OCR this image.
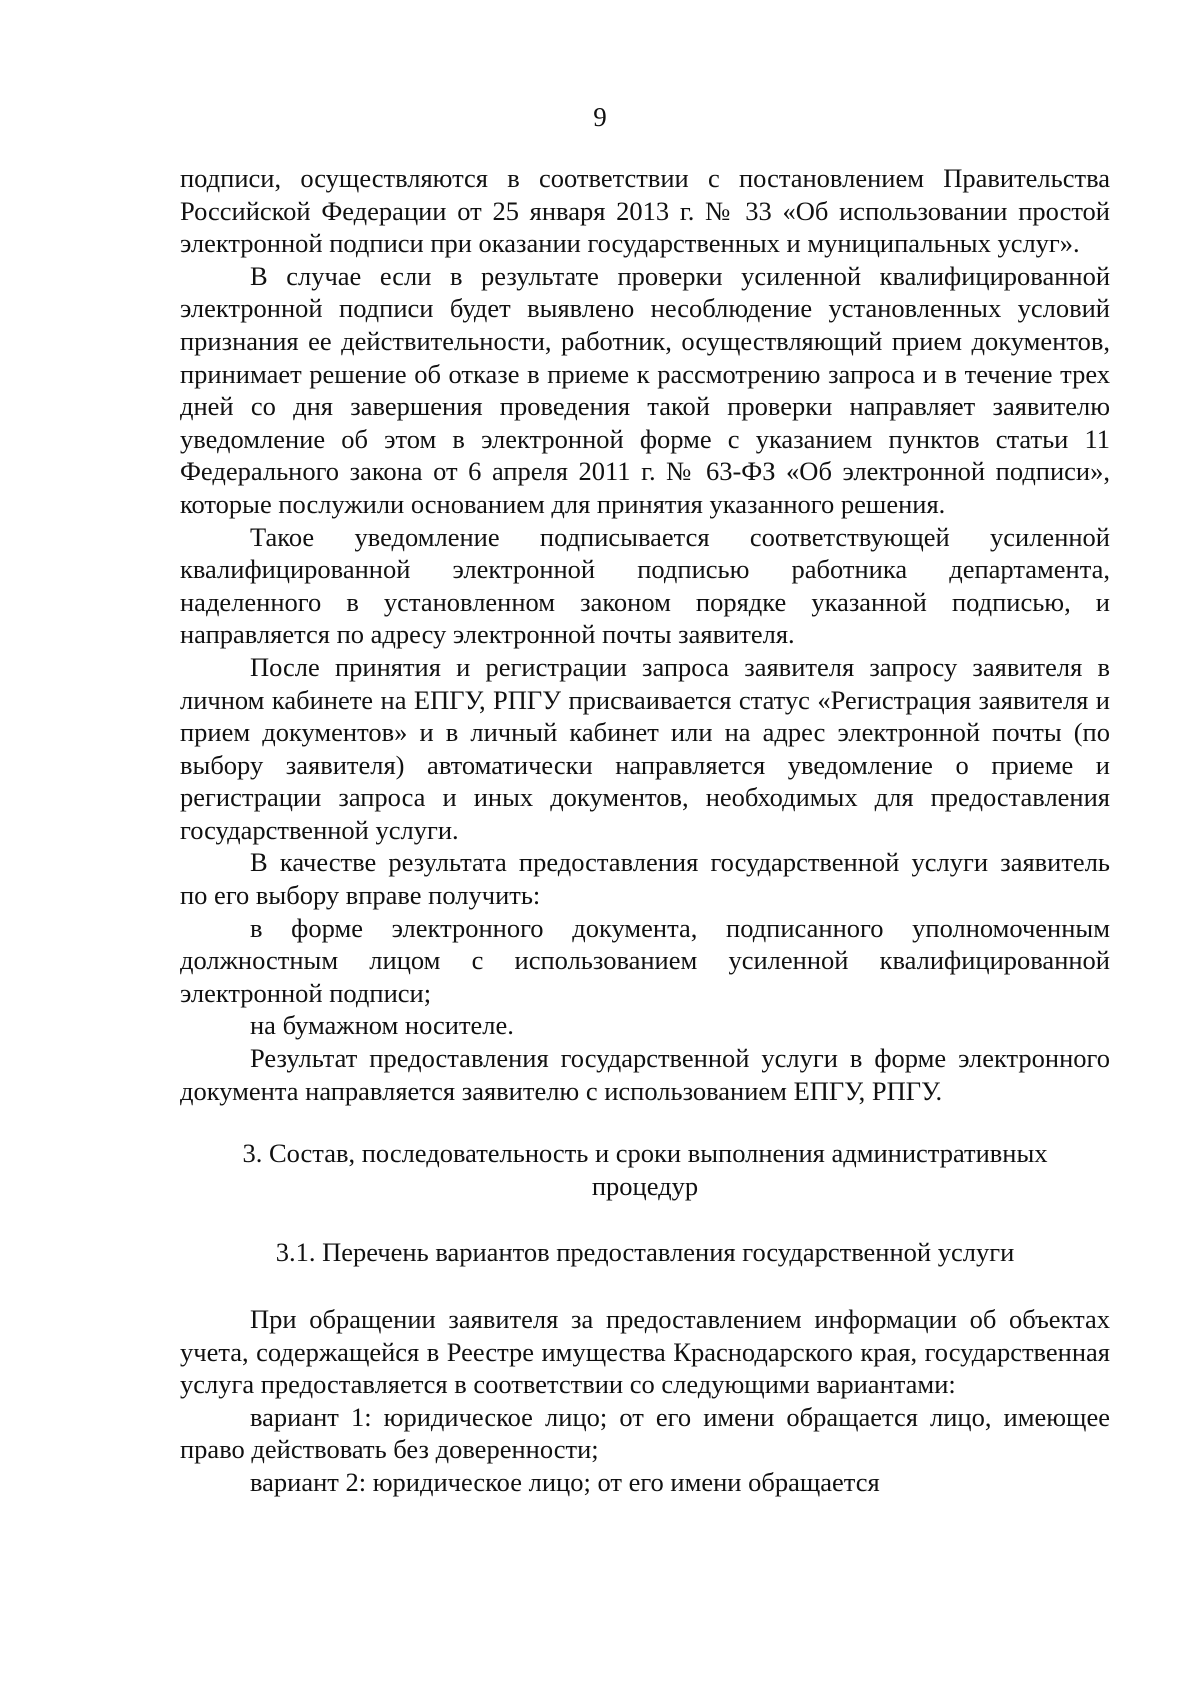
9

подписи, осуществляются в соответствии с постановлением Правительства Российской Федерации от 25 января 2013 г. № 33 «Об использовании простой электронной подписи при оказании государственных и муниципальных услуг».

В случае если в результате проверки усиленной квалифицированной электронной подписи будет выявлено несоблюдение установленных условий признания ее действительности, работник, осуществляющий прием документов, принимает решение об отказе в приеме к рассмотрению запроса и в течение трех дней со дня завершения проведения такой проверки направляет заявителю уведомление об этом в электронной форме с указанием пунктов статьи 11 Федерального закона от 6 апреля 2011 г. № 63-ФЗ «Об электронной подписи», которые послужили основанием для принятия указанного решения.

Такое уведомление подписывается соответствующей усиленной квалифицированной электронной подписью работника департамента, наделенного в установленном законом порядке указанной подписью, и направляется по адресу электронной почты заявителя.

После принятия и регистрации запроса заявителя запросу заявителя в личном кабинете на ЕПГУ, РПГУ присваивается статус «Регистрация заявителя и прием документов» и в личный кабинет или на адрес электронной почты (по выбору заявителя) автоматически направляется уведомление о приеме и регистрации запроса и иных документов, необходимых для предоставления государственной услуги.

В качестве результата предоставления государственной услуги заявитель по его выбору вправе получить:

в форме электронного документа, подписанного уполномоченным должностным лицом с использованием усиленной квалифицированной электронной подписи;

на бумажном носителе.

Результат предоставления государственной услуги в форме электронного документа направляется заявителю с использованием ЕПГУ, РПГУ.

3. Состав, последовательность и сроки выполнения административных
процедур
3.1. Перечень вариантов предоставления государственной услуги

При обращении заявителя за предоставлением информации об объектах учета, содержащейся в Реестре имущества Краснодарского края, государственная услуга предоставляется в соответствии со следующими вариантами:

вариант 1: юридическое лицо; от его имени обращается лицо, имеющее право действовать без доверенности;

вариант 2: юридическое лицо; от его имени обращается
